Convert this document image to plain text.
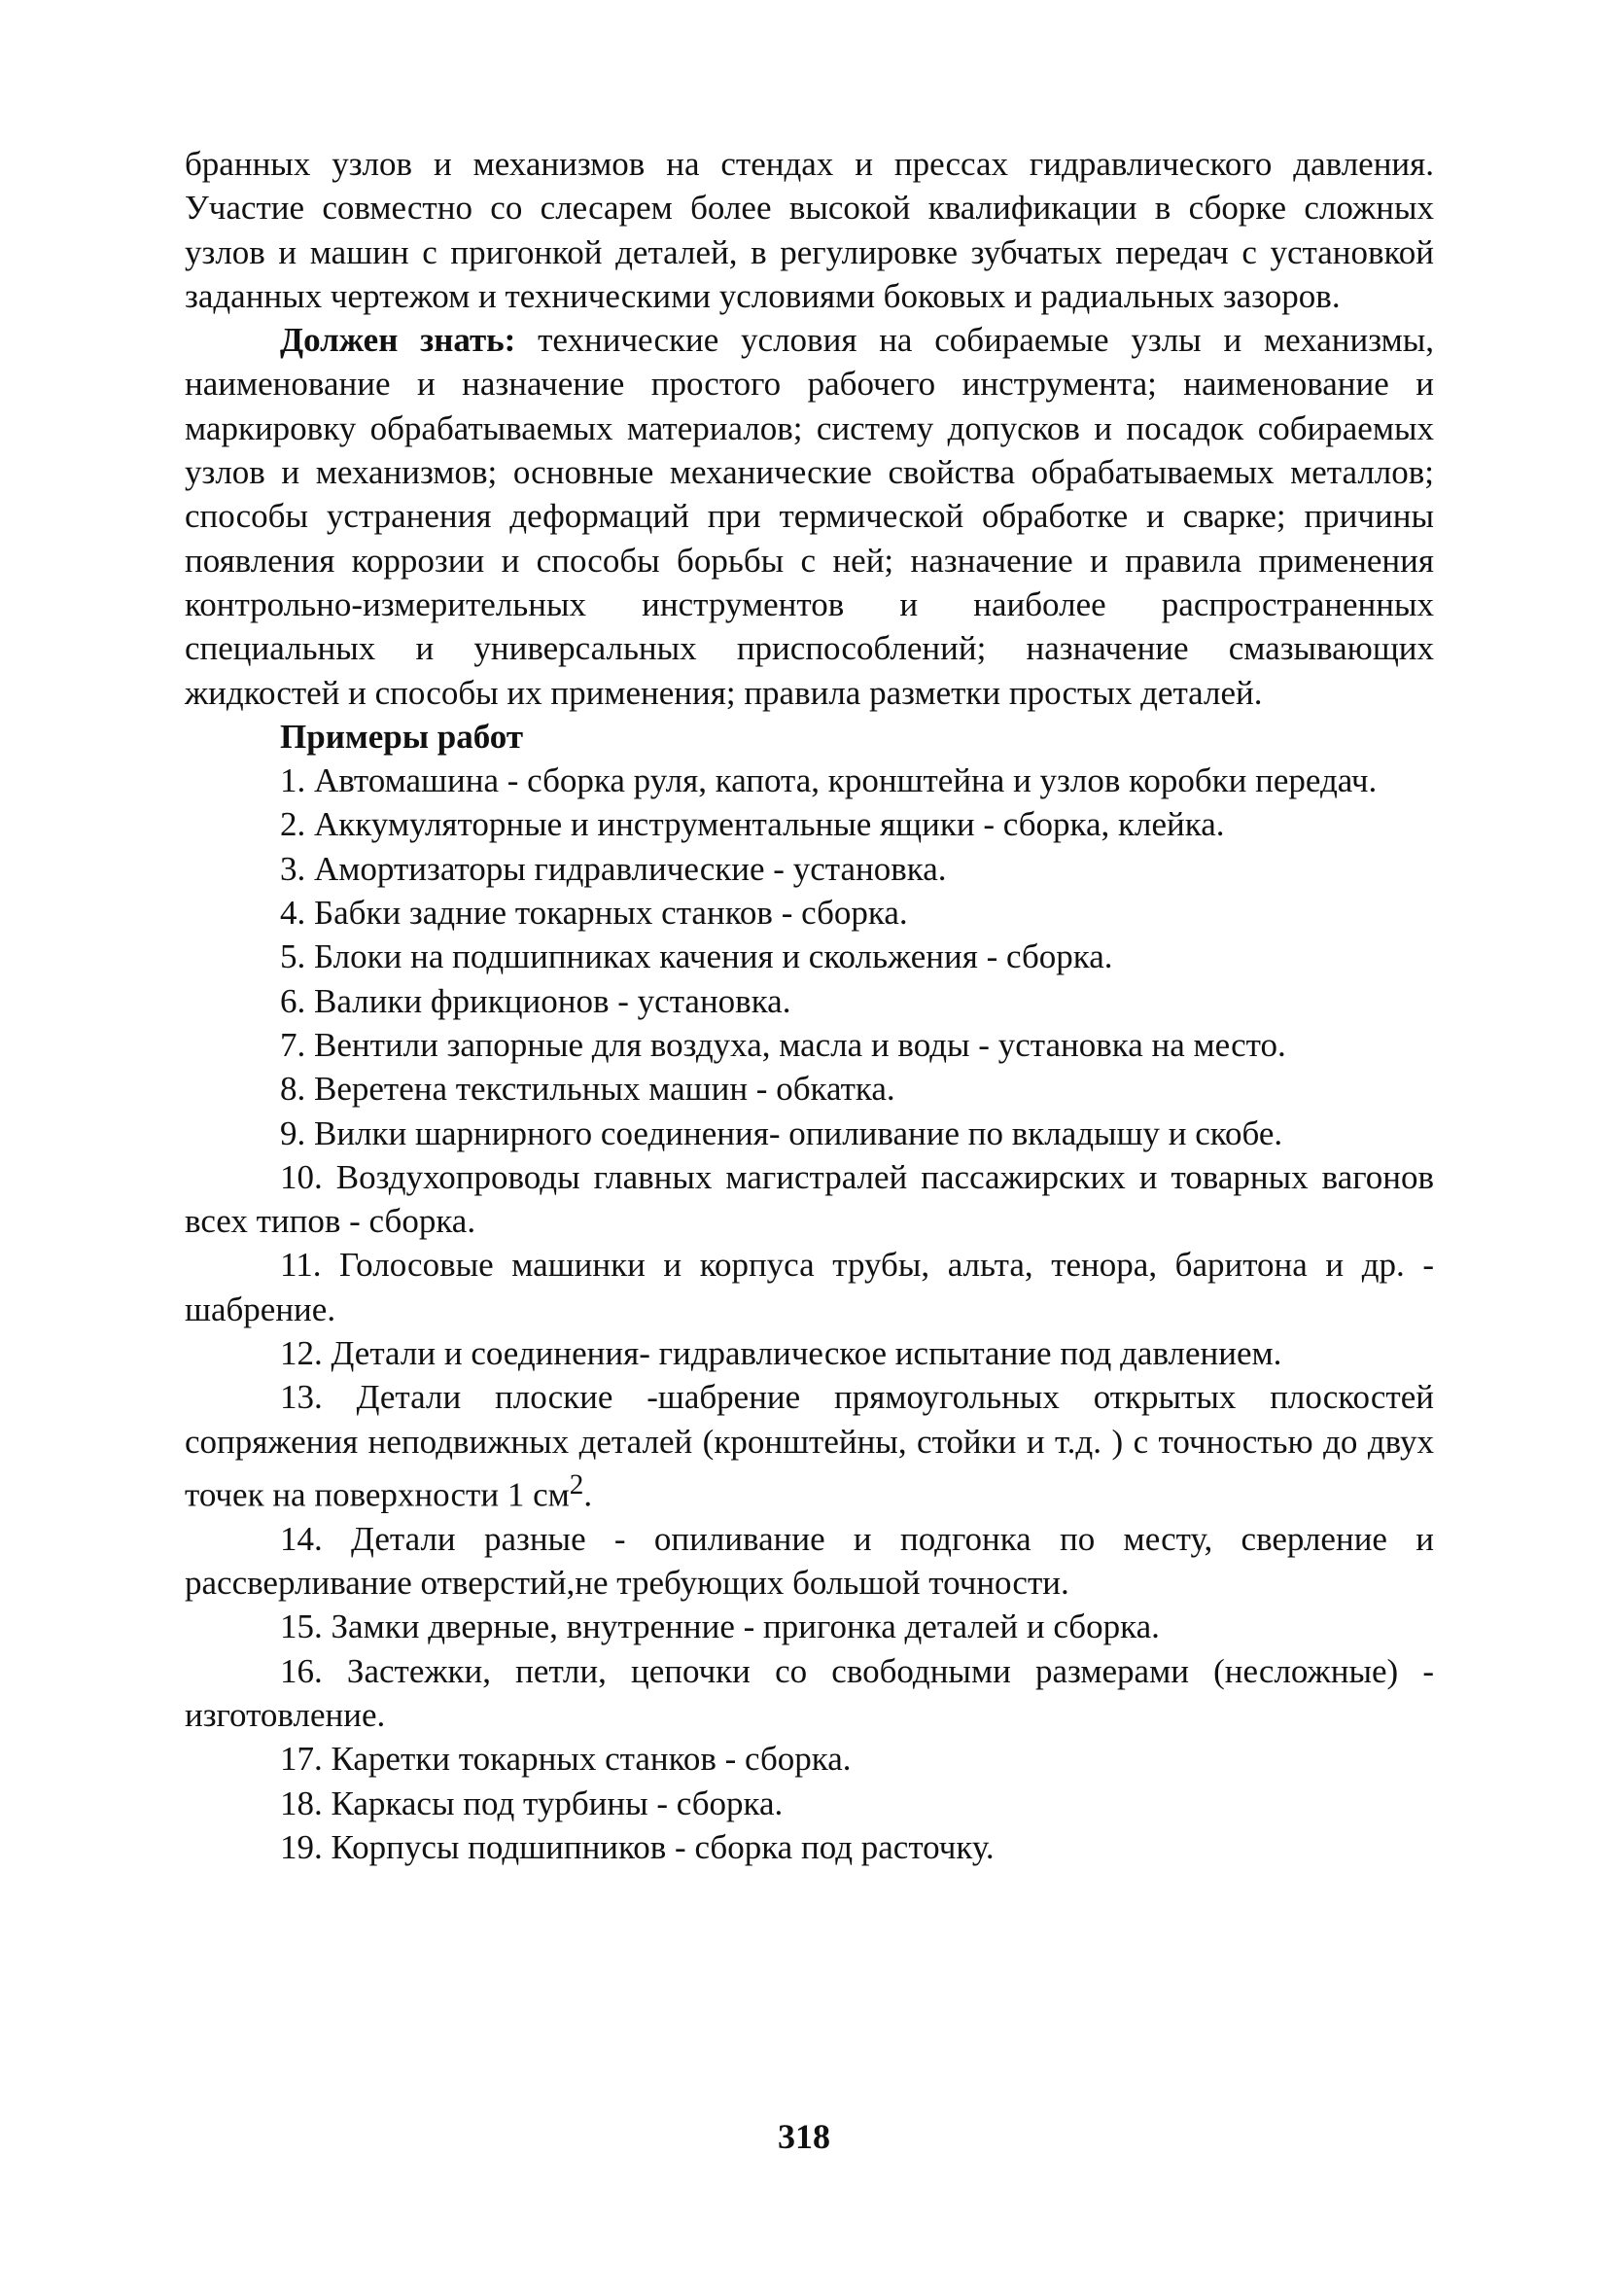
бранных узлов и механизмов на стендах и прессах гидравлического давления. Участие совместно со слесарем более высокой квалификации в сборке сложных узлов и машин с пригонкой деталей, в регулировке зубчатых передач с установкой заданных чертежом и техническими условиями боковых и радиальных зазоров.

Должен знать: технические условия на собираемые узлы и механизмы, наименование и назначение простого рабочего инструмента; наименование и маркировку обрабатываемых материалов; систему допусков и посадок собираемых узлов и механизмов; основные механические свойства обрабатываемых металлов; способы устранения деформаций при термической обработке и сварке; причины появления коррозии и способы борьбы с ней; назначение и правила применения контрольно-измерительных инструментов и наиболее распространенных специальных и универсальных приспособлений; назначение смазывающих жидкостей и способы их применения; правила разметки простых деталей.

Примеры работ

1. Автомашина - сборка руля, капота, кронштейна и узлов коробки передач.

2. Аккумуляторные и инструментальные ящики - сборка, клейка.

3. Амортизаторы гидравлические - установка.

4. Бабки задние токарных станков - сборка.

5. Блоки на подшипниках качения и скольжения - сборка.

6. Валики фрикционов - установка.

7. Вентили запорные для воздуха, масла и воды - установка на место.

8. Веретена текстильных машин - обкатка.

9. Вилки шарнирного соединения- опиливание по вкладышу и скобе.

10. Воздухопроводы главных магистралей пассажирских и товарных вагонов всех типов - сборка.

11. Голосовые машинки и корпуса трубы, альта, тенора, баритона и др. - шабрение.

12. Детали и соединения- гидравлическое испытание под давлением.

13. Детали плоские -шабрение прямоугольных открытых плоскостей сопряжения неподвижных деталей (кронштейны, стойки и т.д. ) с точностью до двух точек на поверхности 1 $см^2$.

14. Детали разные - опиливание и подгонка по месту, сверление и рассверливание отверстий,не требующих большой точности.

15. Замки дверные, внутренние - пригонка деталей и сборка.

16. Застежки, петли, цепочки со свободными размерами (несложные) - изготовление.

17. Каретки токарных станков - сборка.

18. Каркасы под турбины - сборка.

19. Корпусы подшипников - сборка под расточку.

318
